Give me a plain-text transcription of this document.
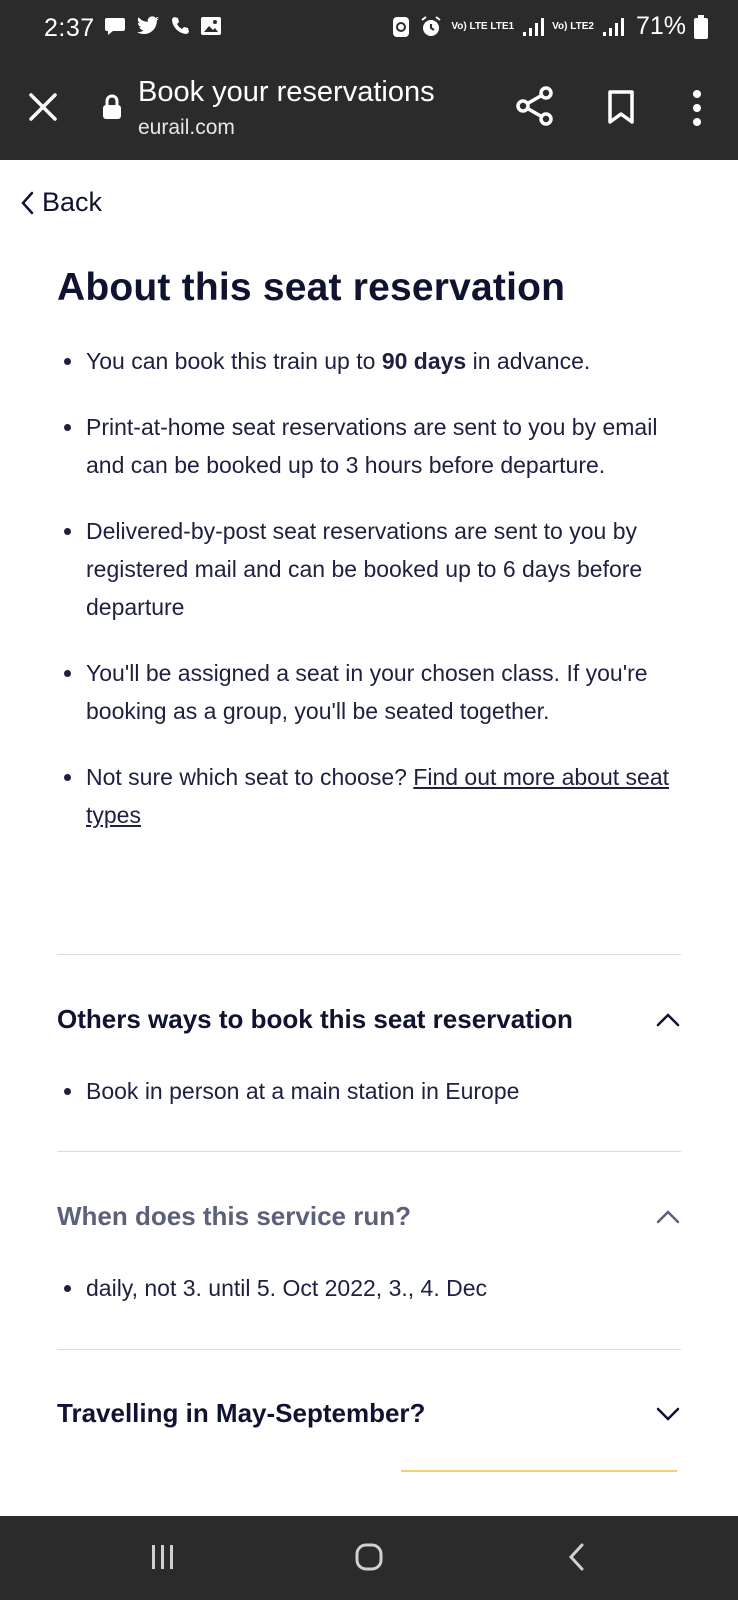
2:37	Vo) LTE LTE1	Vo) LTE2 71%
Book your reservations
eurail.com
Back
About this seat reservation
You can book this train up to 90 days in advance.
Print-at-home seat reservations are sent to you by email and can be booked up to 3 hours before departure.
Delivered-by-post seat reservations are sent to you by registered mail and can be booked up to 6 days before departure
You'll be assigned a seat in your chosen class. If you're booking as a group, you'll be seated together.
Not sure which seat to choose? Find out more about seat types
Others ways to book this seat reservation
Book in person at a main station in Europe
When does this service run?
daily, not 3. until 5. Oct 2022, 3., 4. Dec
Travelling in May-September?
